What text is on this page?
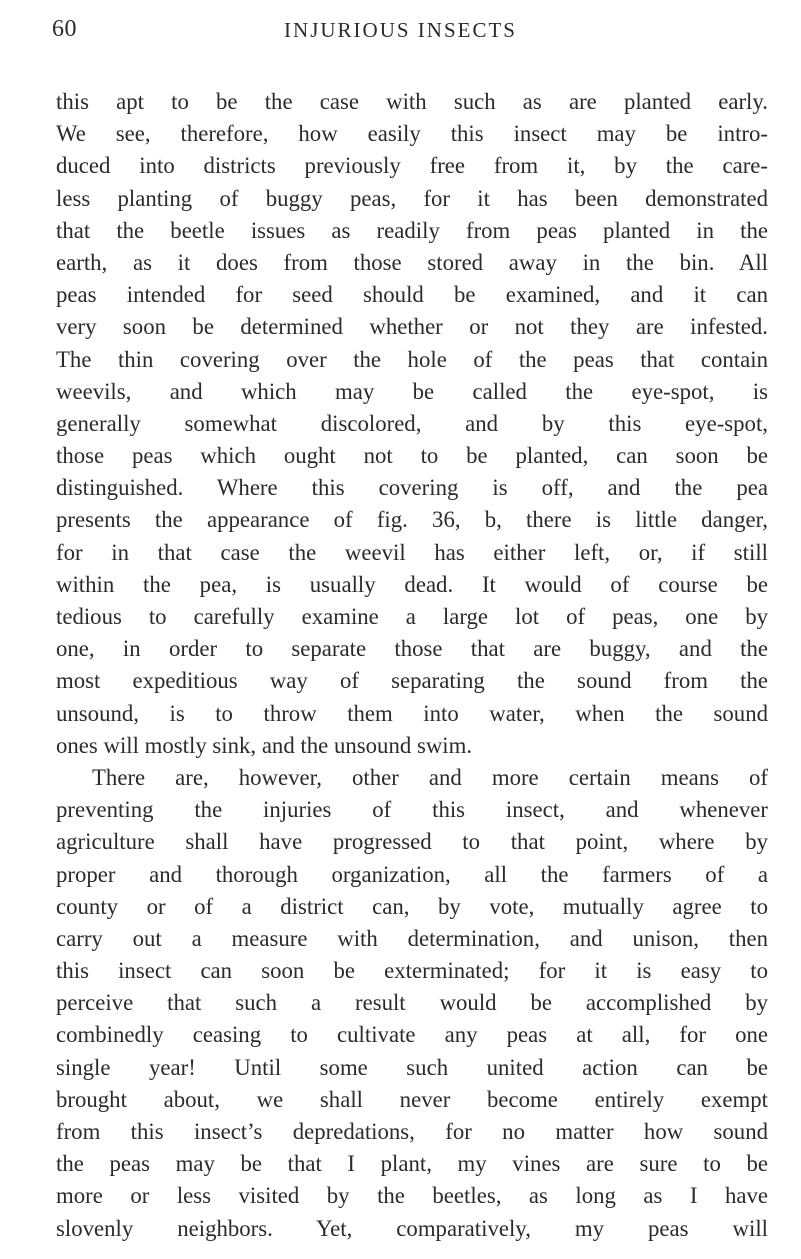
60	INJURIOUS INSECTS
this apt to be the case with such as are planted early.
We see, therefore, how easily this insect may be intro-
duced into districts previously free from it, by the care-
less planting of buggy peas, for it has been demonstrated
that the beetle issues as readily from peas planted in the
earth, as it does from those stored away in the bin. All
peas intended for seed should be examined, and it can
very soon be determined whether or not they are infested.
The thin covering over the hole of the peas that contain
weevils, and which may be called the eye-spot, is
generally somewhat discolored, and by this eye-spot,
those peas which ought not to be planted, can soon be
distinguished. Where this covering is off, and the pea
presents the appearance of fig. 36, b, there is little danger,
for in that case the weevil has either left, or, if still
within the pea, is usually dead. It would of course be
tedious to carefully examine a large lot of peas, one by
one, in order to separate those that are buggy, and the
most expeditious way of separating the sound from the
unsound, is to throw them into water, when the sound
ones will mostly sink, and the unsound swim.
There are, however, other and more certain means of
preventing the injuries of this insect, and whenever
agriculture shall have progressed to that point, where by
proper and thorough organization, all the farmers of a
county or of a district can, by vote, mutually agree to
carry out a measure with determination, and unison, then
this insect can soon be exterminated; for it is easy to
perceive that such a result would be accomplished by
combinedly ceasing to cultivate any peas at all, for one
single year! Until some such united action can be
brought about, we shall never become entirely exempt
from this insect’s depredations, for no matter how sound
the peas may be that I plant, my vines are sure to be
more or less visited by the beetles, as long as I have
slovenly neighbors. Yet, comparatively, my peas will
